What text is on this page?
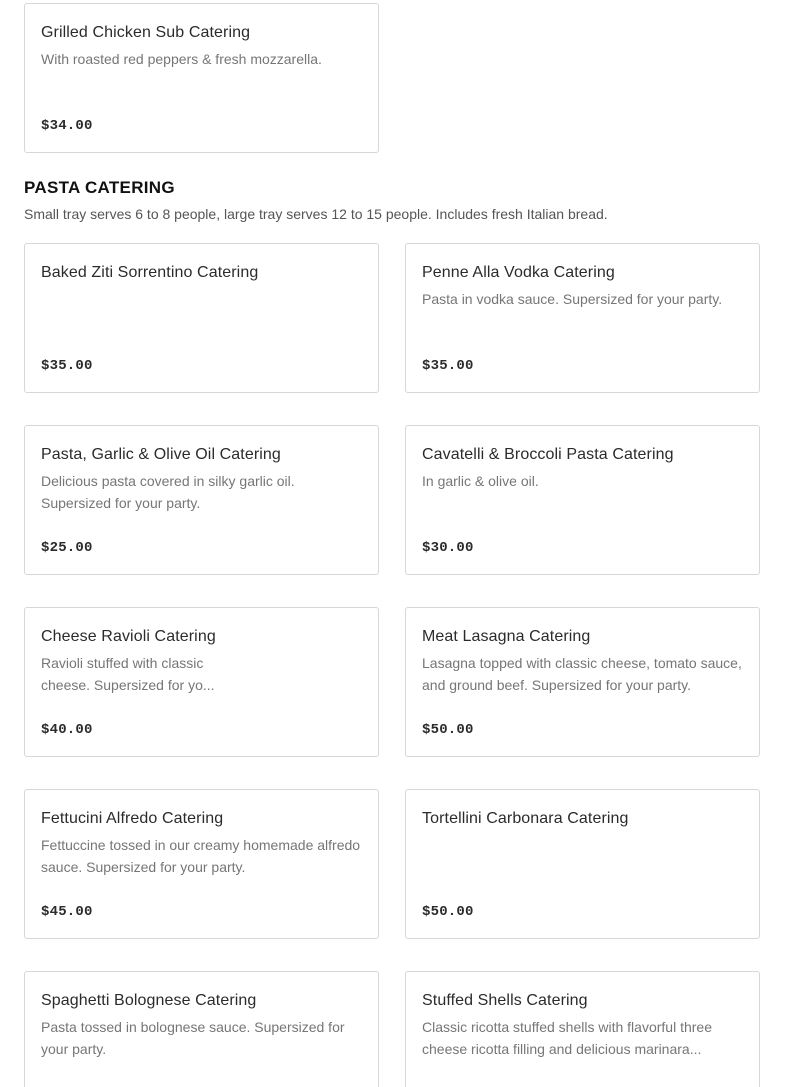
Grilled Chicken Sub Catering
With roasted red peppers & fresh mozzarella.
$34.00
PASTA CATERING
Small tray serves 6 to 8 people, large tray serves 12 to 15 people. Includes fresh Italian bread.
Baked Ziti Sorrentino Catering
$35.00
Penne Alla Vodka Catering
Pasta in vodka sauce. Supersized for your party.
$35.00
Pasta, Garlic & Olive Oil Catering
Delicious pasta covered in silky garlic oil. Supersized for your party.
$25.00
Cavatelli & Broccoli Pasta Catering
In garlic & olive oil.
$30.00
Cheese Ravioli Catering
Ravioli stuffed with classic cheese. Supersized for yo...
$40.00
Meat Lasagna Catering
Lasagna topped with classic cheese, tomato sauce, and ground beef. Supersized for your party.
$50.00
Fettucini Alfredo Catering
Fettuccine tossed in our creamy homemade alfredo sauce. Supersized for your party.
$45.00
Tortellini Carbonara Catering
$50.00
Spaghetti Bolognese Catering
Pasta tossed in bolognese sauce. Supersized for your party.
Stuffed Shells Catering
Classic ricotta stuffed shells with flavorful three cheese ricotta filling and delicious marinara...
